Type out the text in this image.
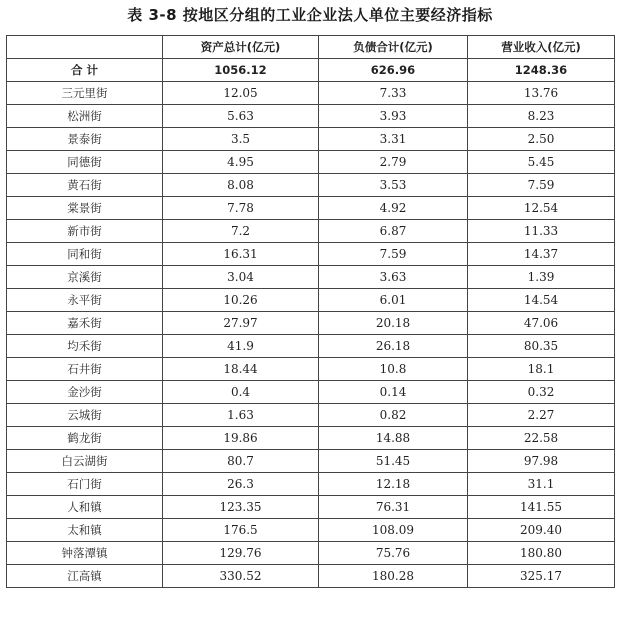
表 3-8 按地区分组的工业企业法人单位主要经济指标
	资产总计(亿元)	负债合计(亿元)	营业收入(亿元)
合 计	1056.12	626.96	1248.36
三元里街	12.05	7.33	13.76
松洲街	5.63	3.93	8.23
景泰街	3.5	3.31	2.50
同德街	4.95	2.79	5.45
黄石街	8.08	3.53	7.59
棠景街	7.78	4.92	12.54
新市街	7.2	6.87	11.33
同和街	16.31	7.59	14.37
京溪街	3.04	3.63	1.39
永平街	10.26	6.01	14.54
嘉禾街	27.97	20.18	47.06
均禾街	41.9	26.18	80.35
石井街	18.44	10.8	18.1
金沙街	0.4	0.14	0.32
云城街	1.63	0.82	2.27
鹤龙街	19.86	14.88	22.58
白云湖街	80.7	51.45	97.98
石门街	26.3	12.18	31.1
人和镇	123.35	76.31	141.55
太和镇	176.5	108.09	209.40
钟落潭镇	129.76	75.76	180.80
江高镇	330.52	180.28	325.17
